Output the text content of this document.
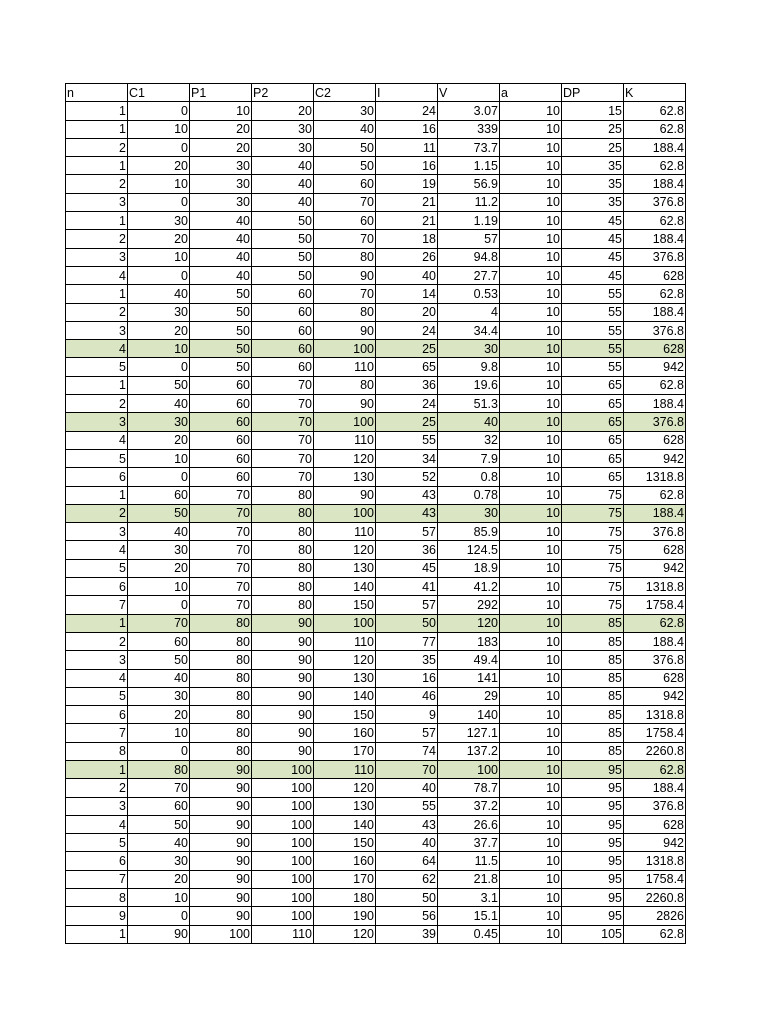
n	C1	P1	P2	C2	I	V	a	DP	K
1	0	10	20	30	24	3.07	10	15	62.8
1	10	20	30	40	16	339	10	25	62.8
2	0	20	30	50	11	73.7	10	25	188.4
1	20	30	40	50	16	1.15	10	35	62.8
2	10	30	40	60	19	56.9	10	35	188.4
3	0	30	40	70	21	11.2	10	35	376.8
1	30	40	50	60	21	1.19	10	45	62.8
2	20	40	50	70	18	57	10	45	188.4
3	10	40	50	80	26	94.8	10	45	376.8
4	0	40	50	90	40	27.7	10	45	628
1	40	50	60	70	14	0.53	10	55	62.8
2	30	50	60	80	20	4	10	55	188.4
3	20	50	60	90	24	34.4	10	55	376.8
4	10	50	60	100	25	30	10	55	628
5	0	50	60	110	65	9.8	10	55	942
1	50	60	70	80	36	19.6	10	65	62.8
2	40	60	70	90	24	51.3	10	65	188.4
3	30	60	70	100	25	40	10	65	376.8
4	20	60	70	110	55	32	10	65	628
5	10	60	70	120	34	7.9	10	65	942
6	0	60	70	130	52	0.8	10	65	1318.8
1	60	70	80	90	43	0.78	10	75	62.8
2	50	70	80	100	43	30	10	75	188.4
3	40	70	80	110	57	85.9	10	75	376.8
4	30	70	80	120	36	124.5	10	75	628
5	20	70	80	130	45	18.9	10	75	942
6	10	70	80	140	41	41.2	10	75	1318.8
7	0	70	80	150	57	292	10	75	1758.4
1	70	80	90	100	50	120	10	85	62.8
2	60	80	90	110	77	183	10	85	188.4
3	50	80	90	120	35	49.4	10	85	376.8
4	40	80	90	130	16	141	10	85	628
5	30	80	90	140	46	29	10	85	942
6	20	80	90	150	9	140	10	85	1318.8
7	10	80	90	160	57	127.1	10	85	1758.4
8	0	80	90	170	74	137.2	10	85	2260.8
1	80	90	100	110	70	100	10	95	62.8
2	70	90	100	120	40	78.7	10	95	188.4
3	60	90	100	130	55	37.2	10	95	376.8
4	50	90	100	140	43	26.6	10	95	628
5	40	90	100	150	40	37.7	10	95	942
6	30	90	100	160	64	11.5	10	95	1318.8
7	20	90	100	170	62	21.8	10	95	1758.4
8	10	90	100	180	50	3.1	10	95	2260.8
9	0	90	100	190	56	15.1	10	95	2826
1	90	100	110	120	39	0.45	10	105	62.8
